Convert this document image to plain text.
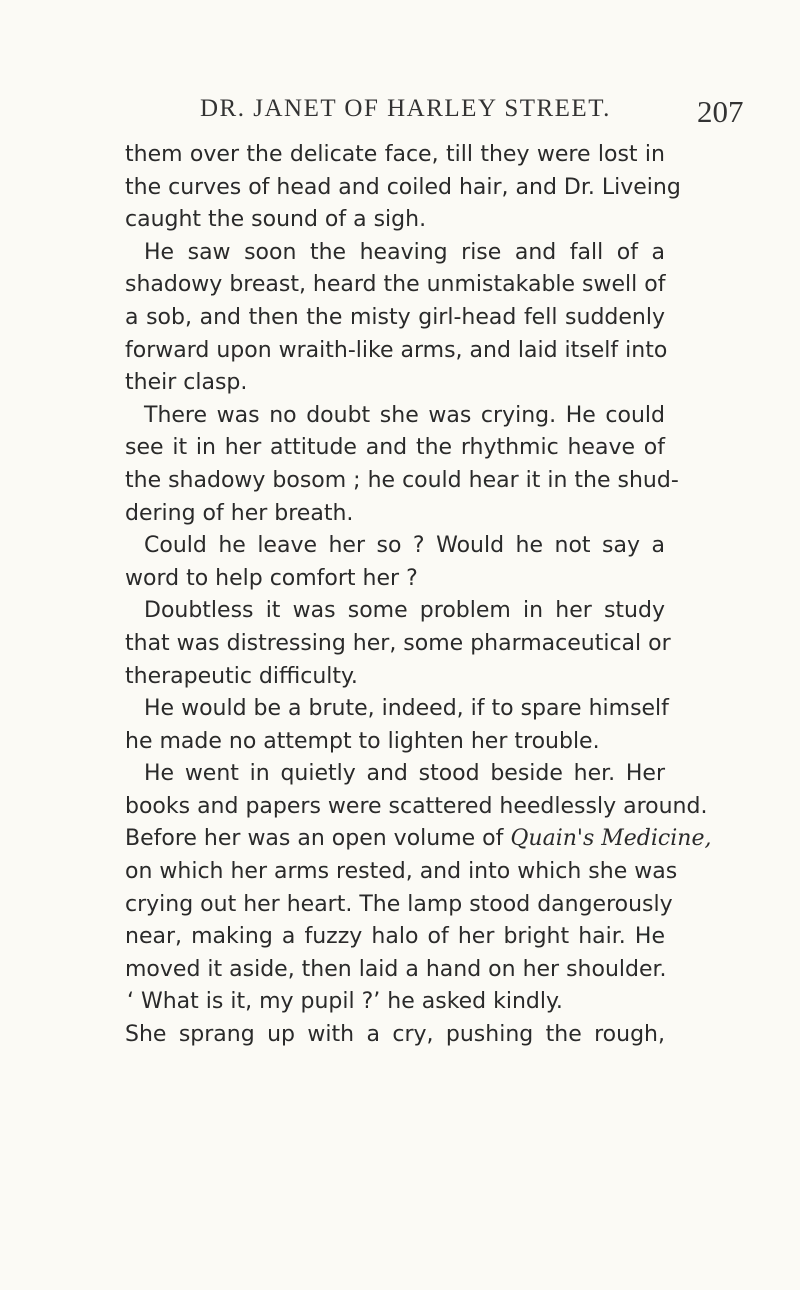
DR. JANET OF HARLEY STREET.	207
them over the delicate face, till they were lost in
the curves of head and coiled hair, and Dr. Liveing
caught the sound of a sigh.
He saw soon the heaving rise and fall of a
shadowy breast, heard the unmistakable swell of
a sob, and then the misty girl-head fell suddenly
forward upon wraith-like arms, and laid itself into
their clasp.
There was no doubt she was crying. He could
see it in her attitude and the rhythmic heave of
the shadowy bosom ; he could hear it in the shud-
dering of her breath.
Could he leave her so ? Would he not say a
word to help comfort her ?
Doubtless it was some problem in her study
that was distressing her, some pharmaceutical or
therapeutic difficulty.
He would be a brute, indeed, if to spare himself
he made no attempt to lighten her trouble.
He went in quietly and stood beside her. Her
books and papers were scattered heedlessly around.
Before her was an open volume of Quain's Medicine,
on which her arms rested, and into which she was
crying out her heart. The lamp stood dangerously
near, making a fuzzy halo of her bright hair. He
moved it aside, then laid a hand on her shoulder.
‘ What is it, my pupil ?’ he asked kindly.
She sprang up with a cry, pushing the rough,
